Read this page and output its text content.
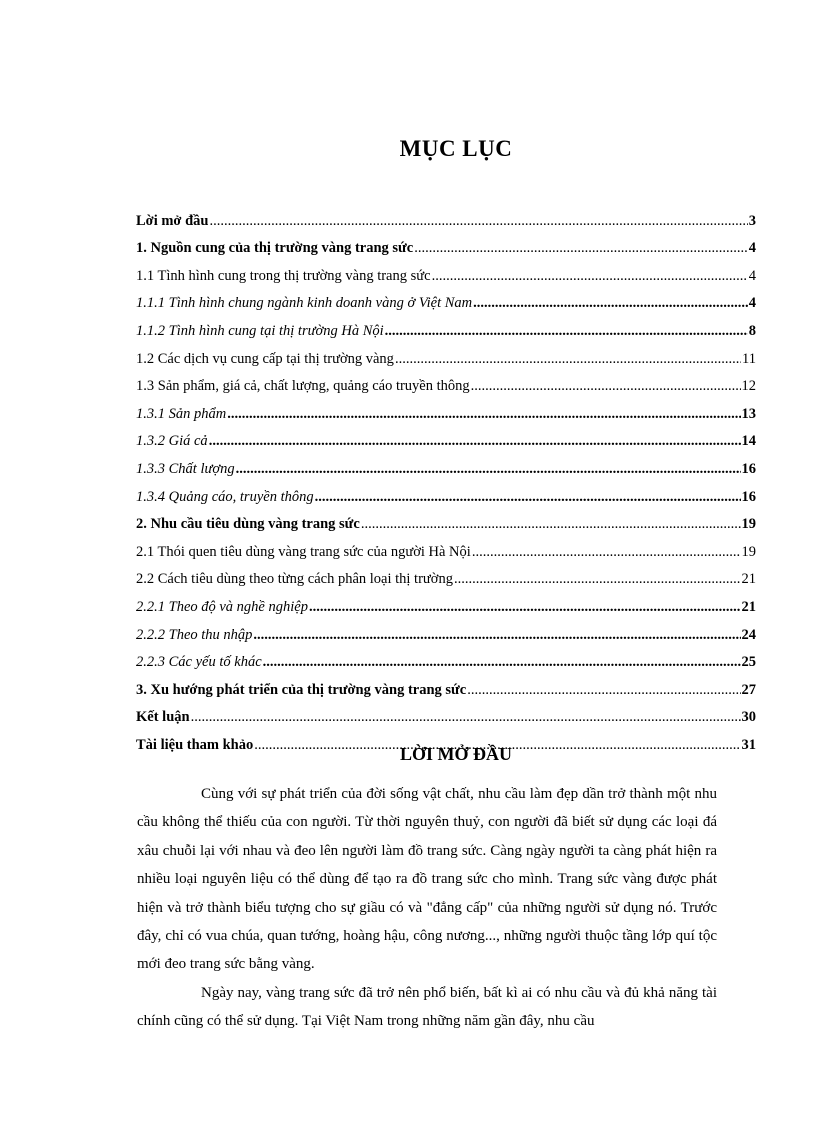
MỤC LỤC
Lời mở đầu .....	3
1. Nguồn cung của thị trường vàng trang sức .....	4
1.1 Tình hình cung trong thị trường vàng trang sức .....	4
1.1.1 Tình hình chung ngành kinh doanh vàng ở Việt Nam .....	4
1.1.2 Tình hình cung tại thị trường Hà Nội .....	8
1.2 Các dịch vụ cung cấp tại thị trường vàng .....	11
1.3 Sản phẩm, giá cả, chất lượng, quảng cáo truyền thông .....	12
1.3.1 Sản phẩm .....	13
1.3.2 Giá cả .....	14
1.3.3 Chất lượng .....	16
1.3.4 Quảng cáo, truyền thông .....	16
2. Nhu cầu tiêu dùng vàng trang sức .....	19
2.1 Thói quen tiêu dùng vàng trang sức của người Hà Nội .....	19
2.2 Cách tiêu dùng theo từng cách phân loại thị trường .....	21
2.2.1 Theo độ và nghề nghiệp .....	21
2.2.2 Theo thu nhập .....	24
2.2.3 Các yếu tố khác .....	25
3. Xu hướng phát triển của thị trường vàng trang sức .....	27
Kết luận .....	30
Tài liệu tham khảo .....	31
LỜI MỞ ĐẦU

Cùng với sự phát triển của đời sống vật chất, nhu cầu làm đẹp dần trở thành một nhu cầu không thể thiếu của con người. Từ thời nguyên thuỷ, con người đã biết sử dụng các loại đá xâu chuỗi lại với nhau và đeo lên người làm đồ trang sức. Càng ngày người ta càng phát hiện ra nhiều loại nguyên liệu có thể dùng để tạo ra đồ trang sức cho mình. Trang sức vàng được phát hiện và trở thành biểu tượng cho sự giầu có và "đẳng cấp" của những người sử dụng nó. Trước đây, chỉ có vua chúa, quan tướng, hoàng hậu, công nương..., những người thuộc tầng lớp quí tộc mới đeo trang sức bằng vàng.

Ngày nay, vàng trang sức đã trở nên phổ biến, bất kì ai có nhu cầu và đủ khả năng tài chính cũng có thể sử dụng. Tại Việt Nam trong những năm gần đây, nhu cầu
